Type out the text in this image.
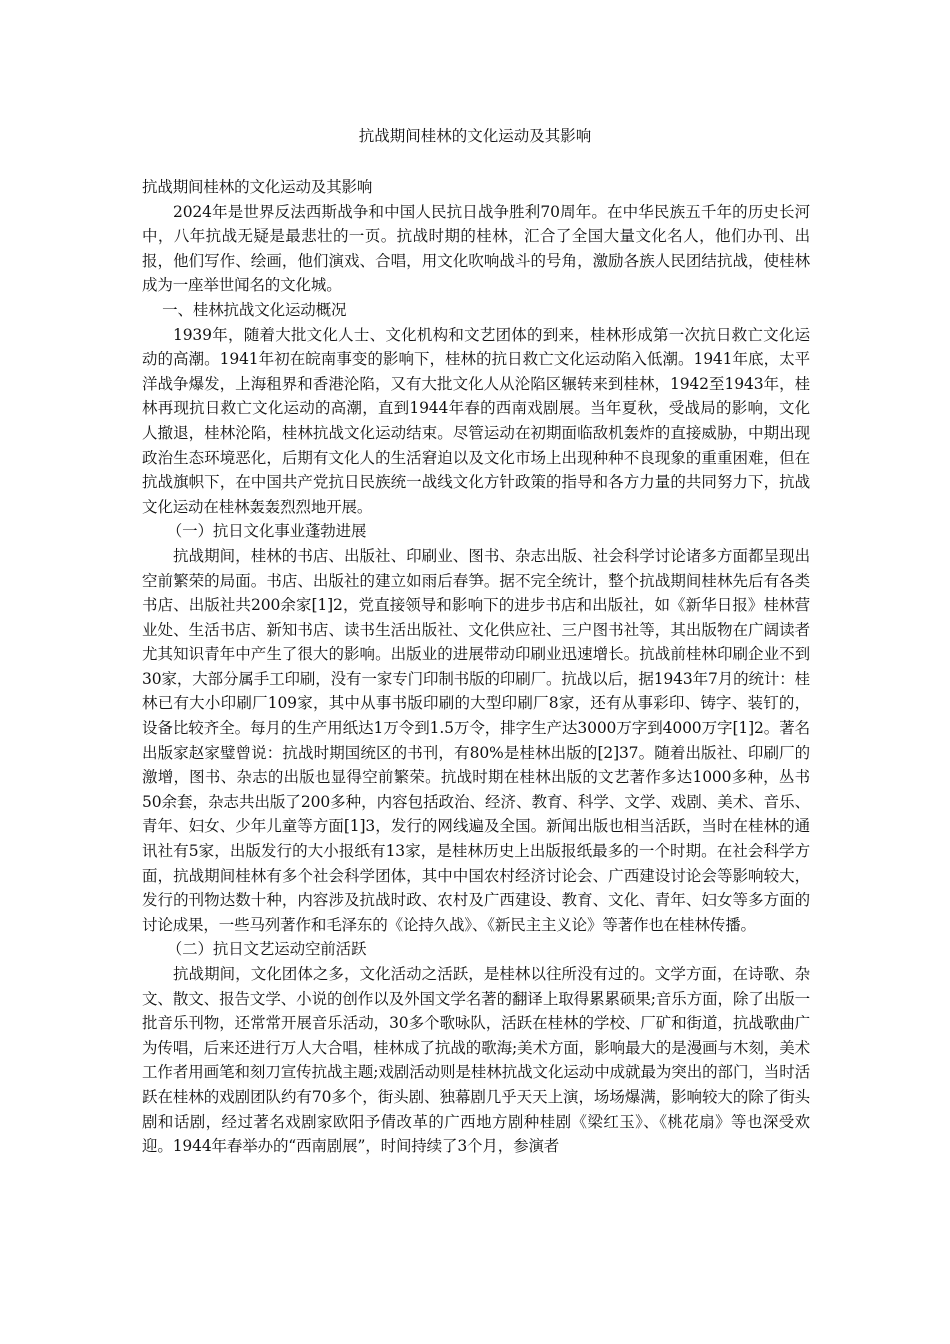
抗战期间桂林的文化运动及其影响

抗战期间桂林的文化运动及其影响

2024年是世界反法西斯战争和中国人民抗日战争胜利70周年。在中华民族五千年的历史长河中，八年抗战无疑是最悲壮的一页。抗战时期的桂林，汇合了全国大量文化名人，他们办刊、出报，他们写作、绘画，他们演戏、合唱，用文化吹响战斗的号角，激励各族人民团结抗战，使桂林成为一座举世闻名的文化城。

一、桂林抗战文化运动概况

1939年，随着大批文化人士、文化机构和文艺团体的到来，桂林形成第一次抗日救亡文化运动的高潮。1941年初在皖南事变的影响下，桂林的抗日救亡文化运动陷入低潮。1941年底，太平洋战争爆发，上海租界和香港沦陷，又有大批文化人从沦陷区辗转来到桂林，1942至1943年，桂林再现抗日救亡文化运动的高潮，直到1944年春的西南戏剧展。当年夏秋，受战局的影响，文化人撤退，桂林沦陷，桂林抗战文化运动结束。尽管运动在初期面临敌机轰炸的直接威胁，中期出现政治生态环境恶化，后期有文化人的生活窘迫以及文化市场上出现种种不良现象的重重困难，但在抗战旗帜下，在中国共产党抗日民族统一战线文化方针政策的指导和各方力量的共同努力下，抗战文化运动在桂林轰轰烈烈地开展。

（一）抗日文化事业蓬勃进展

抗战期间，桂林的书店、出版社、印刷业、图书、杂志出版、社会科学讨论诸多方面都呈现出空前繁荣的局面。书店、出版社的建立如雨后春笋。据不完全统计，整个抗战期间桂林先后有各类书店、出版社共200余家[1]2，党直接领导和影响下的进步书店和出版社，如《新华日报》桂林营业处、生活书店、新知书店、读书生活出版社、文化供应社、三户图书社等，其出版物在广阔读者尤其知识青年中产生了很大的影响。出版业的进展带动印刷业迅速增长。抗战前桂林印刷企业不到30家，大部分属手工印刷，没有一家专门印制书版的印刷厂。抗战以后，据1943年7月的统计：桂林已有大小印刷厂109家，其中从事书版印刷的大型印刷厂8家，还有从事彩印、铸字、装钉的，设备比较齐全。每月的生产用纸达1万令到1.5万令，排字生产达3000万字到4000万字[1]2。著名出版家赵家璧曾说：抗战时期国统区的书刊，有80%是桂林出版的[2]37。随着出版社、印刷厂的激增，图书、杂志的出版也显得空前繁荣。抗战时期在桂林出版的文艺著作多达1000多种，丛书50余套，杂志共出版了200多种，内容包括政治、经济、教育、科学、文学、戏剧、美术、音乐、青年、妇女、少年儿童等方面[1]3，发行的网线遍及全国。新闻出版也相当活跃，当时在桂林的通讯社有5家，出版发行的大小报纸有13家，是桂林历史上出版报纸最多的一个时期。在社会科学方面，抗战期间桂林有多个社会科学团体，其中中国农村经济讨论会、广西建设讨论会等影响较大，发行的刊物达数十种，内容涉及抗战时政、农村及广西建设、教育、文化、青年、妇女等多方面的讨论成果，一些马列著作和毛泽东的《论持久战》、《新民主主义论》等著作也在桂林传播。

（二）抗日文艺运动空前活跃

抗战期间，文化团体之多，文化活动之活跃，是桂林以往所没有过的。文学方面，在诗歌、杂文、散文、报告文学、小说的创作以及外国文学名著的翻译上取得累累硕果;音乐方面，除了出版一批音乐刊物，还常常开展音乐活动，30多个歌咏队，活跃在桂林的学校、厂矿和街道，抗战歌曲广为传唱，后来还进行万人大合唱，桂林成了抗战的歌海;美术方面，影响最大的是漫画与木刻，美术工作者用画笔和刻刀宣传抗战主题;戏剧活动则是桂林抗战文化运动中成就最为突出的部门，当时活跃在桂林的戏剧团队约有70多个，街头剧、独幕剧几乎天天上演，场场爆满，影响较大的除了街头剧和话剧，经过著名戏剧家欧阳予倩改革的广西地方剧种桂剧《梁红玉》、《桃花扇》等也深受欢迎。1944年春举办的“西南剧展”，时间持续了3个月，参演者
